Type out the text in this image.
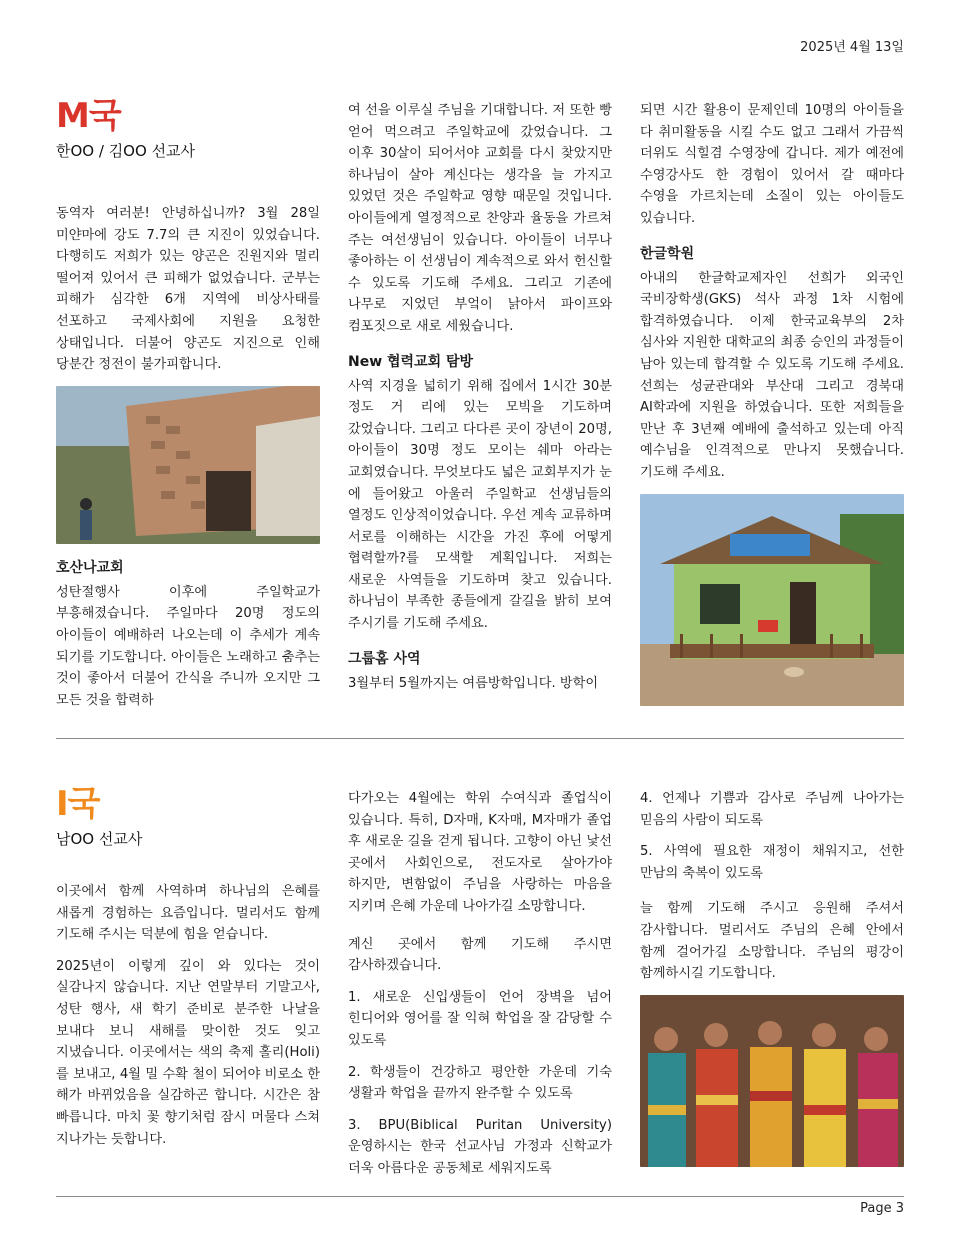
2025년 4월 13일
M국
한OO / 김OO 선교사

동역자 여러분! 안녕하십니까? 3월 28일 미얀마에 강도 7.7의 큰 지진이 있었습니다.다행히도 저희가 있는 양곤은 진원지와 멀리 떨어져 있어서 큰 피해가 없었습니다. 군부는 피해가 심각한 6개 지역에 비상사태를 선포하고 국제사회에 지원을 요청한 상태입니다. 더불어 양곤도 지진으로 인해 당분간 정전이 불가피합니다.

호산나교회

성탄절행사 이후에 주일학교가 부흥해졌습니다. 주일마다 20명 정도의 아이들이 예배하러 나오는데 이 추세가 계속 되기를 기도합니다. 아이들은 노래하고 춤추는 것이 좋아서 더불어 간식을 주니까 오지만 그 모든 것을 합력하

여 선을 이루실 주님을 기대합니다. 저 또한 빵 얻어 먹으려고 주일학교에 갔었습니다. 그 이후 30살이 되어서야 교회를 다시 찾았지만 하나님이 살아 계신다는 생각을 늘 가지고 있었던 것은 주일학교 영향 때문일 것입니다. 아이들에게 열정적으로 찬양과 율동을 가르쳐 주는 여선생님이 있습니다. 아이들이 너무나 좋아하는 이 선생님이 계속적으로 와서 헌신할 수 있도록 기도해 주세요. 그리고 기존에 나무로 지었던 부엌이 낡아서 파이프와 컴포짓으로 새로 세웠습니다.

New 협력교회 탐방

사역 지경을 넓히기 위해 집에서 1시간 30분 정도 거 리에 있는 모빅을 기도하며 갔었습니다. 그리고 다다른 곳이 장년이 20명, 아이들이 30명 정도 모이는 쉐마 아라는 교회였습니다. 무엇보다도 넓은 교회부지가 눈 에 들어왔고 아울러 주일학교 선생님들의 열정도 인상적이었습니다. 우선 계속 교류하며 서로를 이해하는 시간을 가진 후에 어떻게 협력할까?를 모색할 계획입니다. 저희는 새로운 사역들을 기도하며 찾고 있습니다. 하나님이 부족한 종들에게 갈길을 밝히 보여 주시기를 기도해 주세요.

그룹홈 사역

3월부터 5월까지는 여름방학입니다. 방학이

되면 시간 활용이 문제인데 10명의 아이들을 다 취미활동을 시킬 수도 없고 그래서 가끔씩 더위도 식힐겸 수영장에 갑니다. 제가 예전에 수영강사도 한 경험이 있어서 갈 때마다 수영을 가르치는데 소질이 있는 아이들도 있습니다.

한글학원

아내의 한글학교제자인 선희가 외국인 국비장학생(GKS) 석사 과정 1차 시험에 합격하였습니다. 이제 한국교육부의 2차 심사와 지원한 대학교의 최종 승인의 과정들이 남아 있는데 합격할 수 있도록 기도해 주세요. 선희는 성균관대와 부산대 그리고 경북대 AI학과에 지원을 하였습니다. 또한 저희들을 만난 후 3년째 예배에 출석하고 있는데 아직 예수님을 인격적으로 만나지 못했습니다. 기도해 주세요.

I국
남OO 선교사

이곳에서 함께 사역하며 하나님의 은혜를 새롭게 경험하는 요즘입니다. 멀리서도 함께 기도해 주시는 덕분에 힘을 얻습니다.

2025년이 이렇게 깊이 와 있다는 것이 실감나지 않습니다. 지난 연말부터 기말고사, 성탄 행사, 새 학기 준비로 분주한 나날을 보내다 보니 새해를 맞이한 것도 잊고 지냈습니다. 이곳에서는 색의 축제 홀리(Holi)를 보내고, 4월 밀 수확 철이 되어야 비로소 한 해가 바뀌었음을 실감하곤 합니다. 시간은 참 빠릅니다. 마치 꽃 향기처럼 잠시 머물다 스쳐 지나가는 듯합니다.

다가오는 4월에는 학위 수여식과 졸업식이 있습니다. 특히, D자매, K자매, M자매가 졸업 후 새로운 길을 걷게 됩니다. 고향이 아닌 낯선 곳에서 사회인으로, 전도자로 살아가야 하지만, 변함없이 주님을 사랑하는 마음을 지키며 은혜 가운데 나아가길 소망합니다.

계신 곳에서 함께 기도해 주시면 감사하겠습니다.

1. 새로운 신입생들이 언어 장벽을 넘어 힌디어와 영어를 잘 익혀 학업을 잘 감당할 수 있도록

2. 학생들이 건강하고 평안한 가운데 기숙 생활과 학업을 끝까지 완주할 수 있도록

3. BPU(Biblical Puritan University)운영하시는 한국 선교사님 가정과 신학교가 더욱 아름다운 공동체로 세워지도록

4. 언제나 기쁨과 감사로 주님께 나아가는 믿음의 사람이 되도록

5. 사역에 필요한 재정이 채워지고, 선한 만남의 축복이 있도록

늘 함께 기도해 주시고 응원해 주셔서 감사합니다. 멀리서도 주님의 은혜 안에서 함께 걸어가길 소망합니다. 주님의 평강이 함께하시길 기도합니다.

Page 3
